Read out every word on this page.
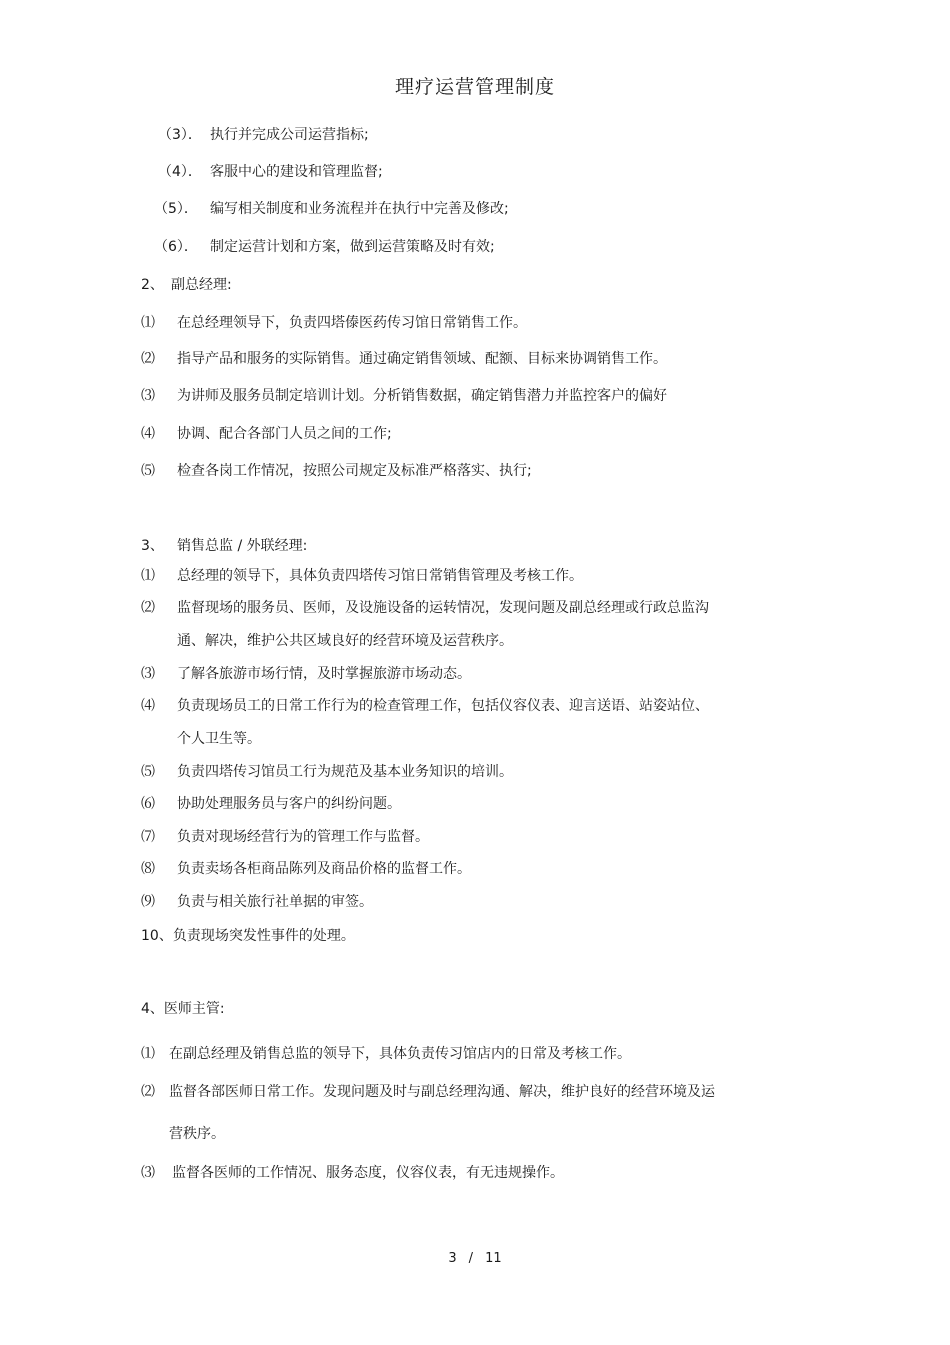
理疗运营管理制度
（3）． 执行并完成公司运营指标;
（4）． 客服中心的建设和管理监督;
（5）． 编写相关制度和业务流程并在执行中完善及修改;
（6）． 制定运营计划和方案，做到运营策略及时有效;
2、 副总经理:
⑴ 在总经理领导下，负责四塔傣医药传习馆日常销售工作。
⑵ 指导产品和服务的实际销售。通过确定销售领域、配额、目标来协调销售工作。
⑶ 为讲师及服务员制定培训计划。分析销售数据，确定销售潜力并监控客户的偏好
⑷ 协调、配合各部门人员之间的工作;
⑸ 检查各岗工作情况，按照公司规定及标准严格落实、执行;
3、 销售总监 / 外联经理:
⑴ 总经理的领导下，具体负责四塔传习馆日常销售管理及考核工作。
⑵ 监督现场的服务员、医师，及设施设备的运转情况，发现问题及副总经理或行政总监沟
通、解决，维护公共区域良好的经营环境及运营秩序。
⑶ 了解各旅游市场行情，及时掌握旅游市场动态。
⑷ 负责现场员工的日常工作行为的检查管理工作，包括仪容仪表、迎言送语、站姿站位、
个人卫生等。
⑸ 负责四塔传习馆员工行为规范及基本业务知识的培训。
⑹ 协助处理服务员与客户的纠纷问题。
⑺ 负责对现场经营行为的管理工作与监督。
⑻ 负责卖场各柜商品陈列及商品价格的监督工作。
⑼ 负责与相关旅行社单据的审签。
10、负责现场突发性事件的处理。
4、医师主管:
⑴ 在副总经理及销售总监的领导下，具体负责传习馆店内的日常及考核工作。
⑵ 监督各部医师日常工作。发现问题及时与副总经理沟通、解决，维护良好的经营环境及运
营秩序。
⑶ 监督各医师的工作情况、服务态度，仪容仪表，有无违规操作。
3 / 11
